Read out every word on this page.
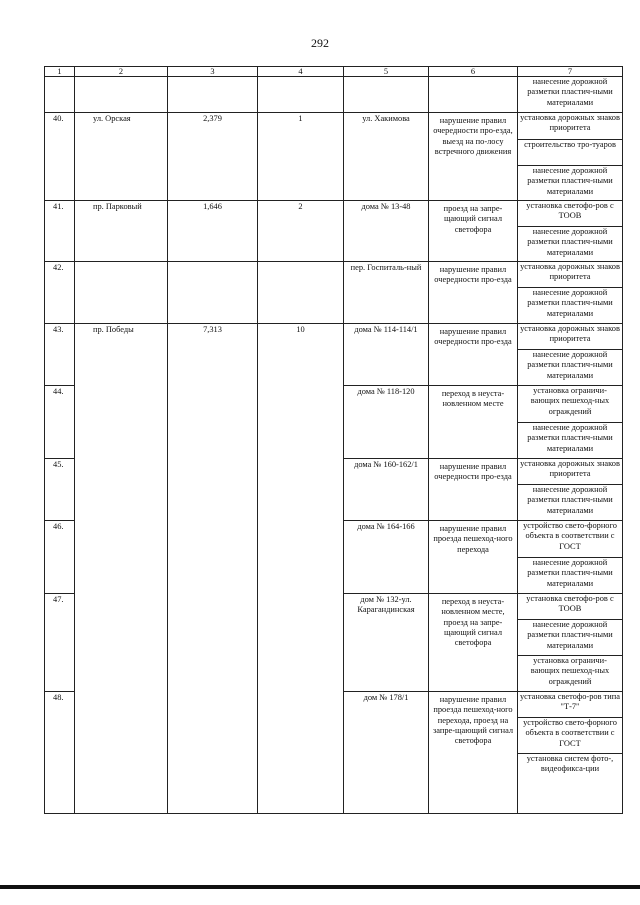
292
1	2	3	4	5	6	7
						нанесение дорожной разметки пластич-ными материалами
40.	ул. Орская	2,379	1	ул. Хакимова	нарушение правил очередности про-езда, выезд на по-лосу встречного движения	установка дорожных знаков приоритета
						строительство тро-туаров
						нанесение дорожной разметки пластич-ными материалами
41.	пр. Парковый	1,646	2	дома № 13-48	проезд на запре-щающий сигнал светофора	установка светофо-ров с ТООВ
						нанесение дорожной разметки пластич-ными материалами
42.				пер. Госпиталь-ный	нарушение правил очередности про-езда	установка дорожных знаков приоритета
						нанесение дорожной разметки пластич-ными материалами
43.	пр. Победы	7,313	10	дома № 114-114/1	нарушение правил очередности про-езда	установка дорожных знаков приоритета
						нанесение дорожной разметки пластич-ными материалами
44.				дома № 118-120	переход в неуста-новленном месте	установка ограничи-вающих пешеход-ных ограждений
						нанесение дорожной разметки пластич-ными материалами
45.				дома № 160-162/1	нарушение правил очередности про-езда	установка дорожных знаков приоритета
						нанесение дорожной разметки пластич-ными материалами
46.				дома № 164-166	нарушение правил проезда пешеход-ного перехода	устройство свето-форного объекта в соответствии с ГОСТ
						нанесение дорожной разметки пластич-ными материалами
47.				дом № 132-ул. Карагандинская	переход в неуста-новленном месте, проезд на запре-щающий сигнал светофора	установка светофо-ров с ТООВ
						нанесение дорожной разметки пластич-ными материалами
						установка ограничи-вающих пешеход-ных ограждений
48.				дом № 178/1	нарушение правил проезда пешеход-ного перехода, проезд на запре-щающий сигнал светофора	установка светофо-ров типа "Т-7"
						устройство свето-форного объекта в соответствии с ГОСТ
						установка систем фото-, видеофикса-ции
